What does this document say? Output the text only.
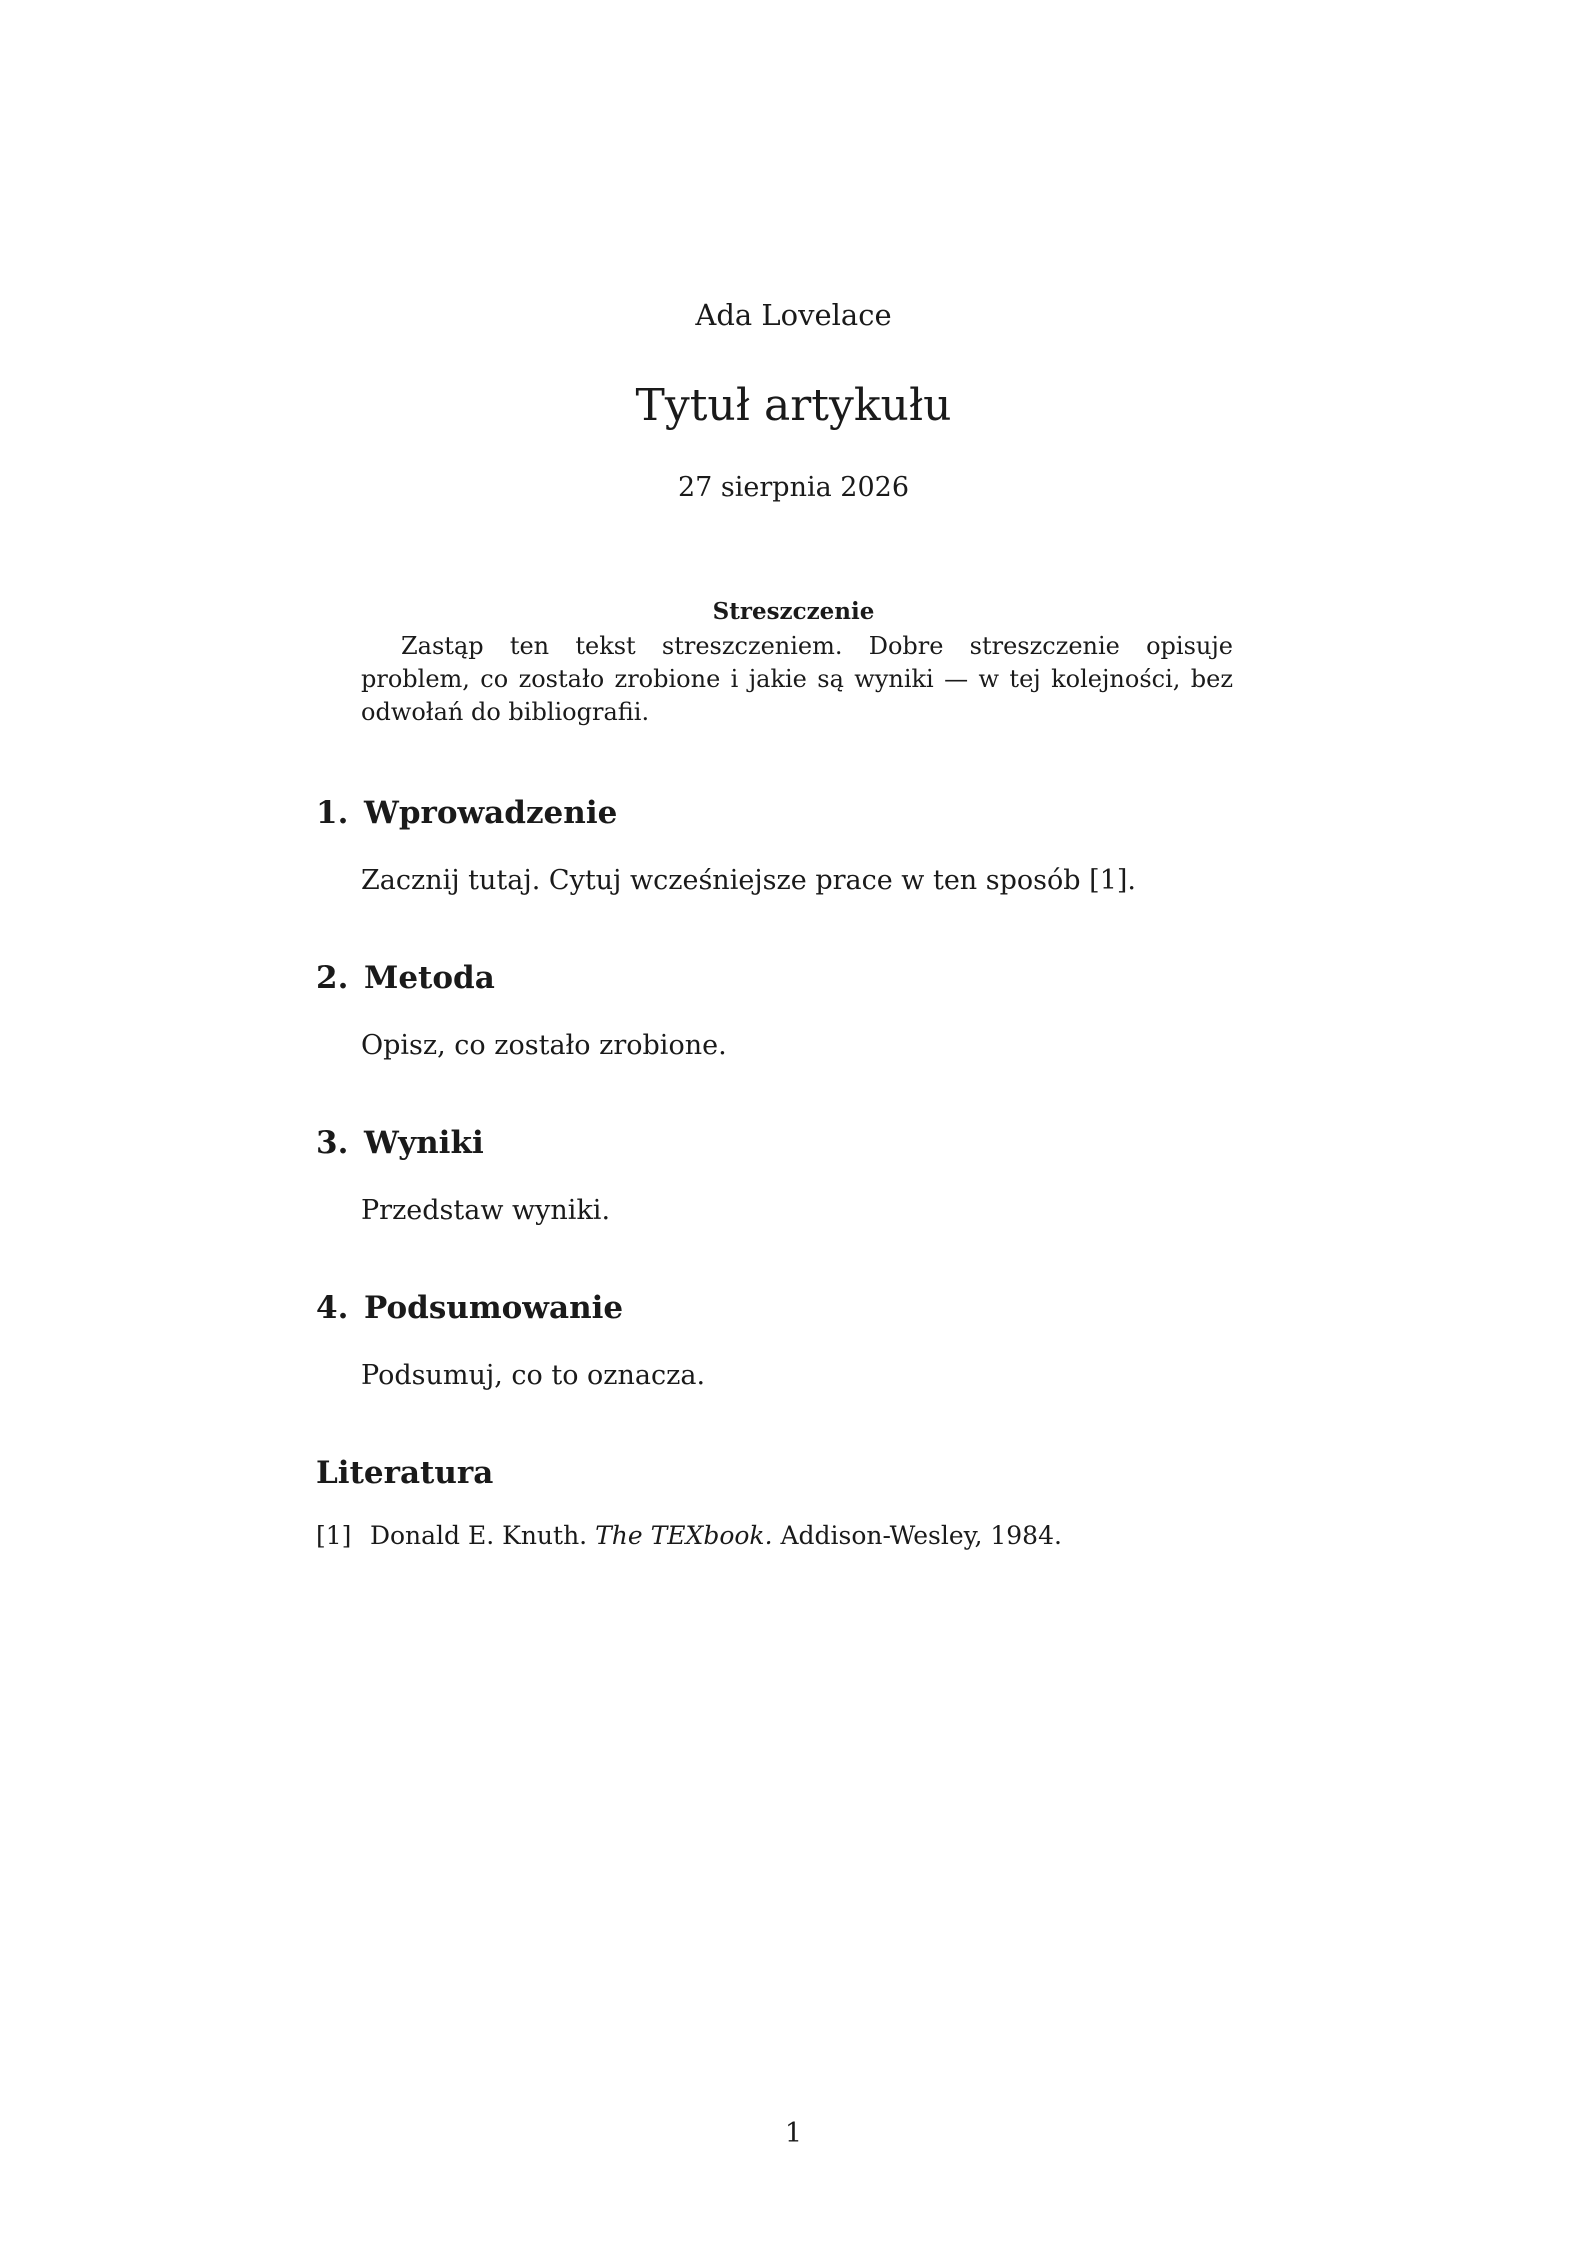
Ada Lovelace
Tytuł artykułu
27 sierpnia 2026
Streszczenie

Zastąp ten tekst streszczeniem. Dobre streszczenie opisuje problem, co zostało zrobione i jakie są wyniki — w tej kolejności, bez odwołań do bibliografii.

1. Wprowadzenie
Zacznij tutaj. Cytuj wcześniejsze prace w ten sposób [1].
2. Metoda
Opisz, co zostało zrobione.
3. Wyniki
Przedstaw wyniki.
4. Podsumowanie
Podsumuj, co to oznacza.
Literatura
[1] Donald E. Knuth. The TEXbook. Addison-Wesley, 1984.
1
